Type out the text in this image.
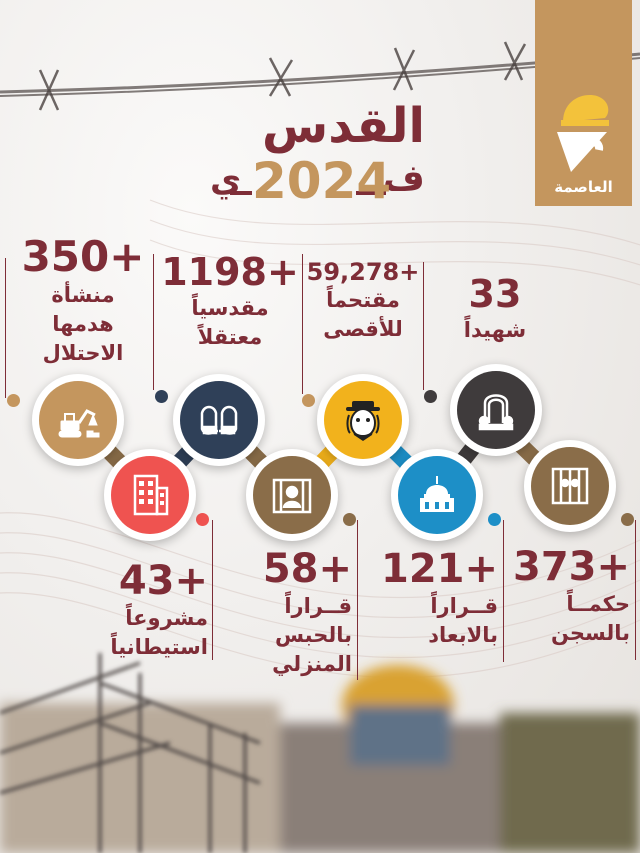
العاصمة
القدس
ف
2024
ي
350+
منشأة
هدمها
الاحتلال
1198+
مقدسياً
معتقلاً
59,278+
مقتحماً
للأقصى
33
شهيداً
43+
مشروعاً
استيطانياً
58+
قــراراً
بالحبس
المنزلي
121+
قــراراً
بالابعاد
373+
حكمــاً
بالسجن
